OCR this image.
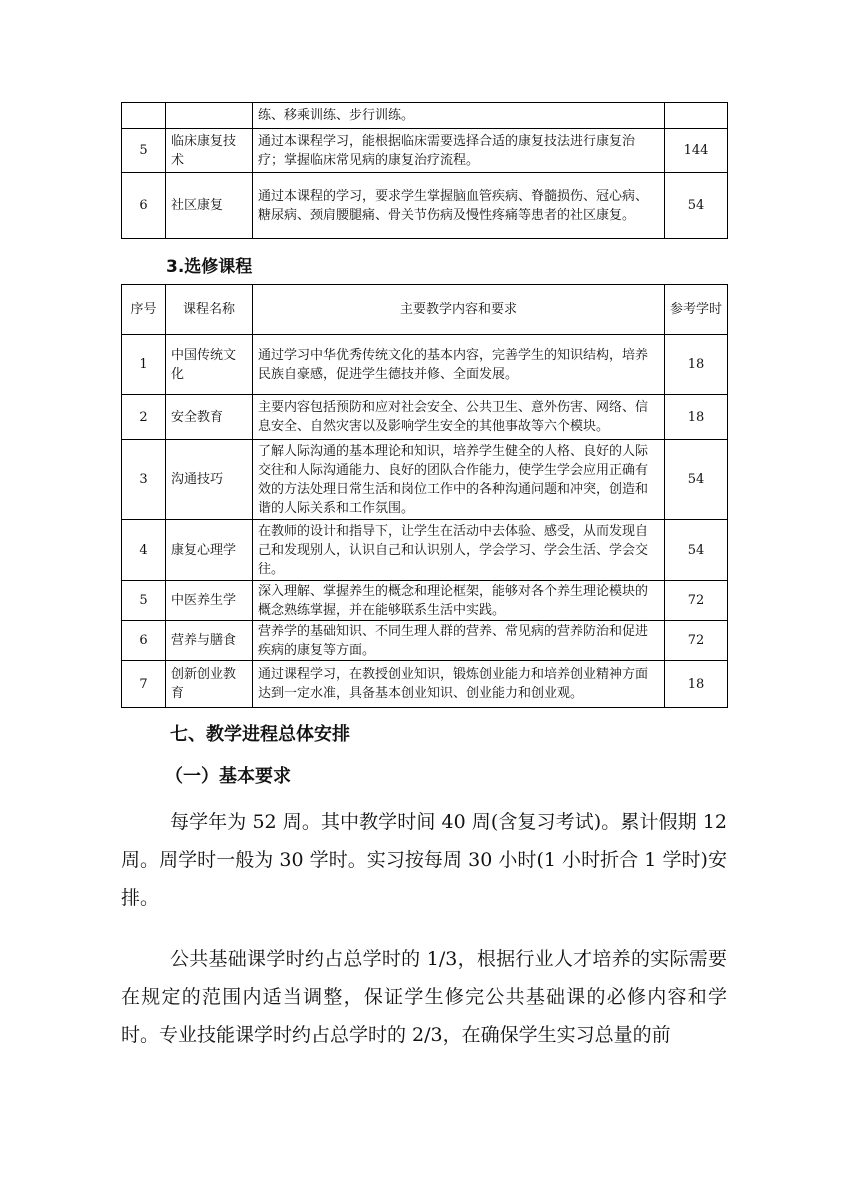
		练、移乘训练、步行训练。	
5	临床康复技术	通过本课程学习，能根据临床需要选择合适的康复技法进行康复治疗；掌握临床常见病的康复治疗流程。	144
6	社区康复	通过本课程的学习，要求学生掌握脑血管疾病、脊髓损伤、冠心病、糖尿病、颈肩腰腿痛、骨关节伤病及慢性疼痛等患者的社区康复。	54
3.选修课程
序号	课程名称	主要教学内容和要求	参考学时
1	中国传统文化	通过学习中华优秀传统文化的基本内容，完善学生的知识结构，培养民族自豪感，促进学生德技并修、全面发展。	18
2	安全教育	主要内容包括预防和应对社会安全、公共卫生、意外伤害、网络、信息安全、自然灾害以及影响学生安全的其他事故等六个模块。	18
3	沟通技巧	了解人际沟通的基本理论和知识，培养学生健全的人格、良好的人际交往和人际沟通能力、良好的团队合作能力，使学生学会应用正确有效的方法处理日常生活和岗位工作中的各种沟通问题和冲突，创造和谐的人际关系和工作氛围。	54
4	康复心理学	在教师的设计和指导下，让学生在活动中去体验、感受，从而发现自己和发现别人，认识自己和认识别人，学会学习、学会生活、学会交往。	54
5	中医养生学	深入理解、掌握养生的概念和理论框架，能够对各个养生理论模块的概念熟练掌握，并在能够联系生活中实践。	72
6	营养与膳食	营养学的基础知识、不同生理人群的营养、常见病的营养防治和促进疾病的康复等方面。	72
7	创新创业教育	通过课程学习，在教授创业知识，锻炼创业能力和培养创业精神方面达到一定水准，具备基本创业知识、创业能力和创业观。	18
七、教学进程总体安排
（一）基本要求

每学年为 52 周。其中教学时间 40 周(含复习考试)。累计假期 12 周。周学时一般为 30 学时。实习按每周 30 小时(1 小时折合 1 学时)安排。

公共基础课学时约占总学时的 1/3，根据行业人才培养的实际需要在规定的范围内适当调整，保证学生修完公共基础课的必修内容和学时。专业技能课学时约占总学时的 2/3，在确保学生实习总量的前
